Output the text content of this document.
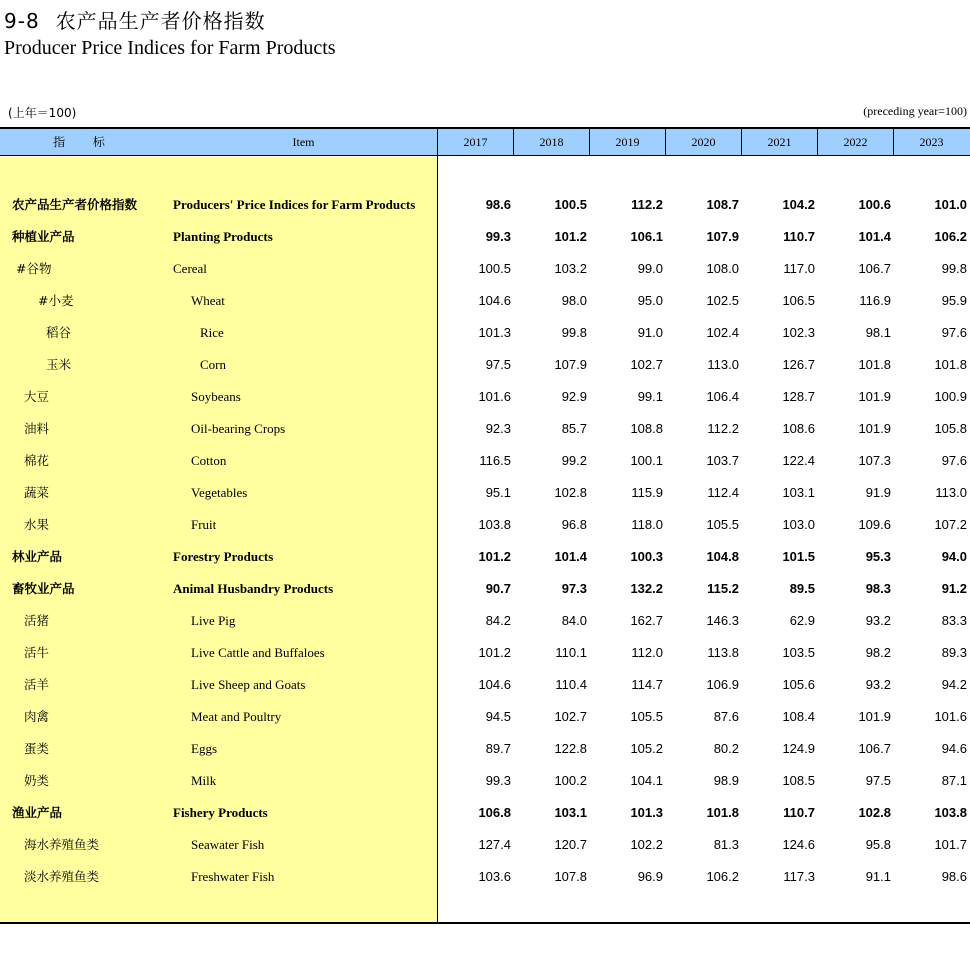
9-8 农产品生产者价格指数
Producer Price Indices for Farm Products
(上年＝100)	(preceding year=100)
指 标	Item	2017	2018	2019	2020	2021	2022	2023
农产品生产者价格指数	Producers' Price Indices for Farm Products	98.6	100.5	112.2	108.7	104.2	100.6	101.0
种植业产品	Planting Products	99.3	101.2	106.1	107.9	110.7	101.4	106.2
#谷物	Cereal	100.5	103.2	99.0	108.0	117.0	106.7	99.8
#小麦	Wheat	104.6	98.0	95.0	102.5	106.5	116.9	95.9
稻谷	Rice	101.3	99.8	91.0	102.4	102.3	98.1	97.6
玉米	Corn	97.5	107.9	102.7	113.0	126.7	101.8	101.8
大豆	Soybeans	101.6	92.9	99.1	106.4	128.7	101.9	100.9
油料	Oil-bearing Crops	92.3	85.7	108.8	112.2	108.6	101.9	105.8
棉花	Cotton	116.5	99.2	100.1	103.7	122.4	107.3	97.6
蔬菜	Vegetables	95.1	102.8	115.9	112.4	103.1	91.9	113.0
水果	Fruit	103.8	96.8	118.0	105.5	103.0	109.6	107.2
林业产品	Forestry Products	101.2	101.4	100.3	104.8	101.5	95.3	94.0
畜牧业产品	Animal Husbandry Products	90.7	97.3	132.2	115.2	89.5	98.3	91.2
活猪	Live Pig	84.2	84.0	162.7	146.3	62.9	93.2	83.3
活牛	Live Cattle and Buffaloes	101.2	110.1	112.0	113.8	103.5	98.2	89.3
活羊	Live Sheep and Goats	104.6	110.4	114.7	106.9	105.6	93.2	94.2
肉禽	Meat and Poultry	94.5	102.7	105.5	87.6	108.4	101.9	101.6
蛋类	Eggs	89.7	122.8	105.2	80.2	124.9	106.7	94.6
奶类	Milk	99.3	100.2	104.1	98.9	108.5	97.5	87.1
渔业产品	Fishery Products	106.8	103.1	101.3	101.8	110.7	102.8	103.8
海水养殖鱼类	Seawater Fish	127.4	120.7	102.2	81.3	124.6	95.8	101.7
淡水养殖鱼类	Freshwater Fish	103.6	107.8	96.9	106.2	117.3	91.1	98.6
